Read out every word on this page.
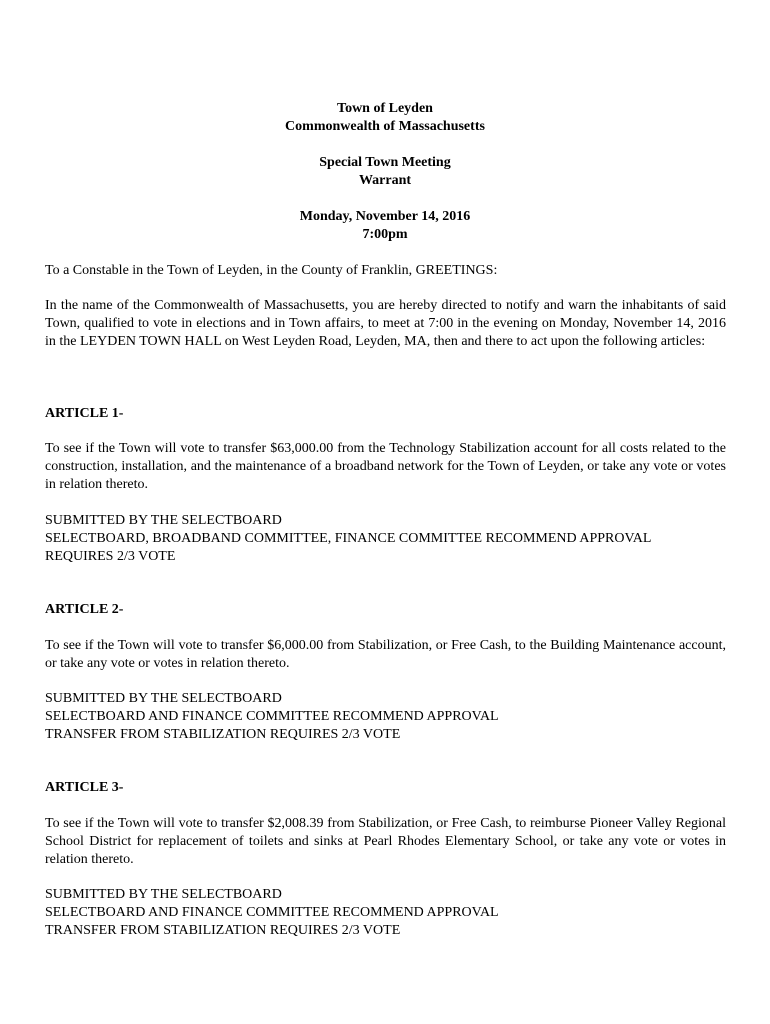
Town of Leyden
Commonwealth of Massachusetts
Special Town Meeting
Warrant
Monday, November 14, 2016
7:00pm
To a Constable in the Town of Leyden, in the County of Franklin, GREETINGS:
In the name of the Commonwealth of Massachusetts, you are hereby directed to notify and warn the inhabitants of said Town, qualified to vote in elections and in Town affairs, to meet at 7:00 in the evening on Monday, November 14, 2016 in the LEYDEN TOWN HALL on West Leyden Road, Leyden, MA, then and there to act upon the following articles:
ARTICLE 1-
To see if the Town will vote to transfer $63,000.00 from the Technology Stabilization account for all costs related to the construction, installation, and the maintenance of a broadband network for the Town of Leyden, or take any vote or votes in relation thereto.
SUBMITTED BY THE SELECTBOARD
SELECTBOARD, BROADBAND COMMITTEE, FINANCE COMMITTEE RECOMMEND APPROVAL
REQUIRES 2/3 VOTE
ARTICLE 2-
To see if the Town will vote to transfer $6,000.00 from Stabilization, or Free Cash, to the Building Maintenance account, or take any vote or votes in relation thereto.
SUBMITTED BY THE SELECTBOARD
SELECTBOARD AND FINANCE COMMITTEE RECOMMEND APPROVAL
TRANSFER FROM STABILIZATION REQUIRES 2/3 VOTE
ARTICLE 3-
To see if the Town will vote to transfer $2,008.39 from Stabilization, or Free Cash, to reimburse Pioneer Valley Regional School District for replacement of toilets and sinks at Pearl Rhodes Elementary School, or take any vote or votes in relation thereto.
SUBMITTED BY THE SELECTBOARD
SELECTBOARD AND FINANCE COMMITTEE RECOMMEND APPROVAL
TRANSFER FROM STABILIZATION REQUIRES 2/3 VOTE
